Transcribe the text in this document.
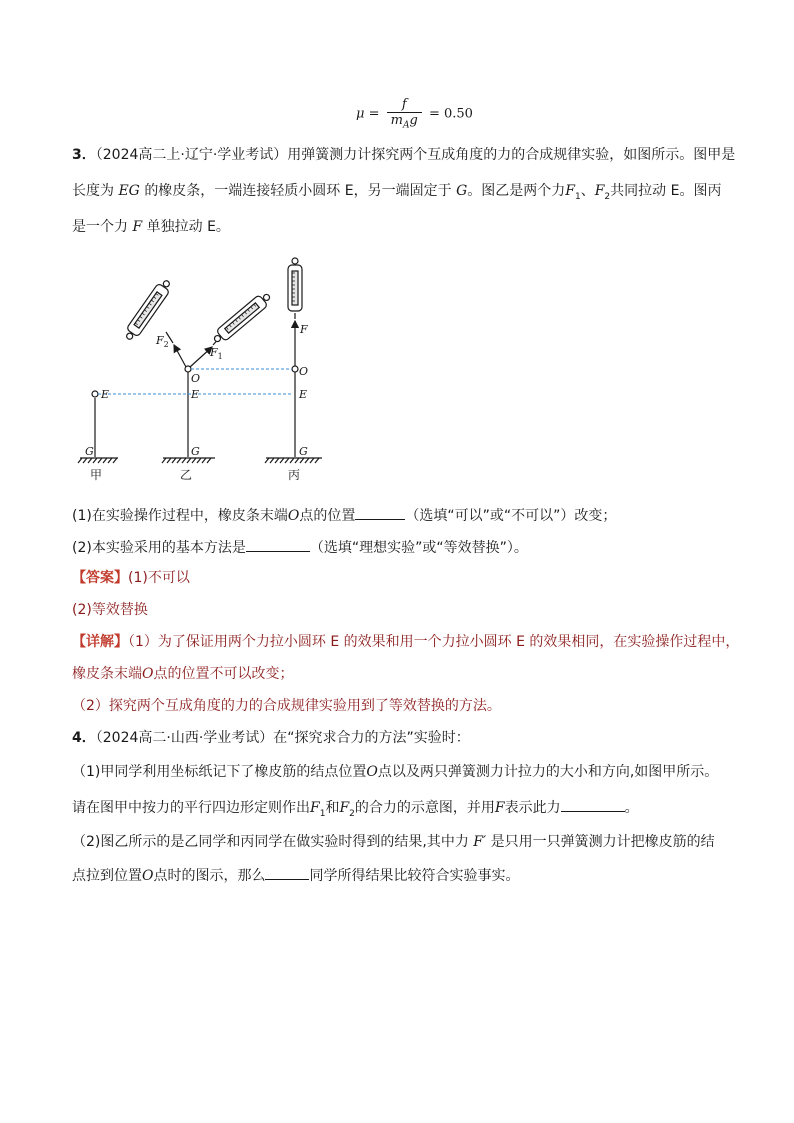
$\mu = \frac{f}{m_Ag} = 0.50$
3．（2024高二上·辽宁·学业考试）用弹簧测力计探究两个互成角度的力的合成规律实验，如图所示。图甲是
长度为 EG 的橡皮条，一端连接轻质小圆环 E，另一端固定于 G。图乙是两个力$F_1$、$F_2$共同拉动 E。图丙
是一个力 F 单独拉动 E。
E
G
E
O
G
E
O
G
F
$F_1$
$F_2$
甲	乙	丙
(1)在实验操作过程中，橡皮条末端O点的位置	（选填“可以”或“不可以”）改变；
(2)本实验采用的基本方法是	（选填“理想实验”或“等效替换”）。
【答案】(1)不可以
(2)等效替换
【详解】（1）为了保证用两个力拉小圆环 E 的效果和用一个力拉小圆环 E 的效果相同，在实验操作过程中，
橡皮条末端O点的位置不可以改变；
（2）探究两个互成角度的力的合成规律实验用到了等效替换的方法。
4．（2024高二·山西·学业考试）在“探究求合力的方法”实验时：
（1)甲同学利用坐标纸记下了橡皮筋的结点位置O点以及两只弹簧测力计拉力的大小和方向,如图甲所示。
请在图甲中按力的平行四边形定则作出$F_1$和$F_2$的合力的示意图，并用F表示此力	。
（2)图乙所示的是乙同学和丙同学在做实验时得到的结果,其中力 F′ 是只用一只弹簧测力计把橡皮筋的结
点拉到位置O点时的图示，那么	同学所得结果比较符合实验事实。
